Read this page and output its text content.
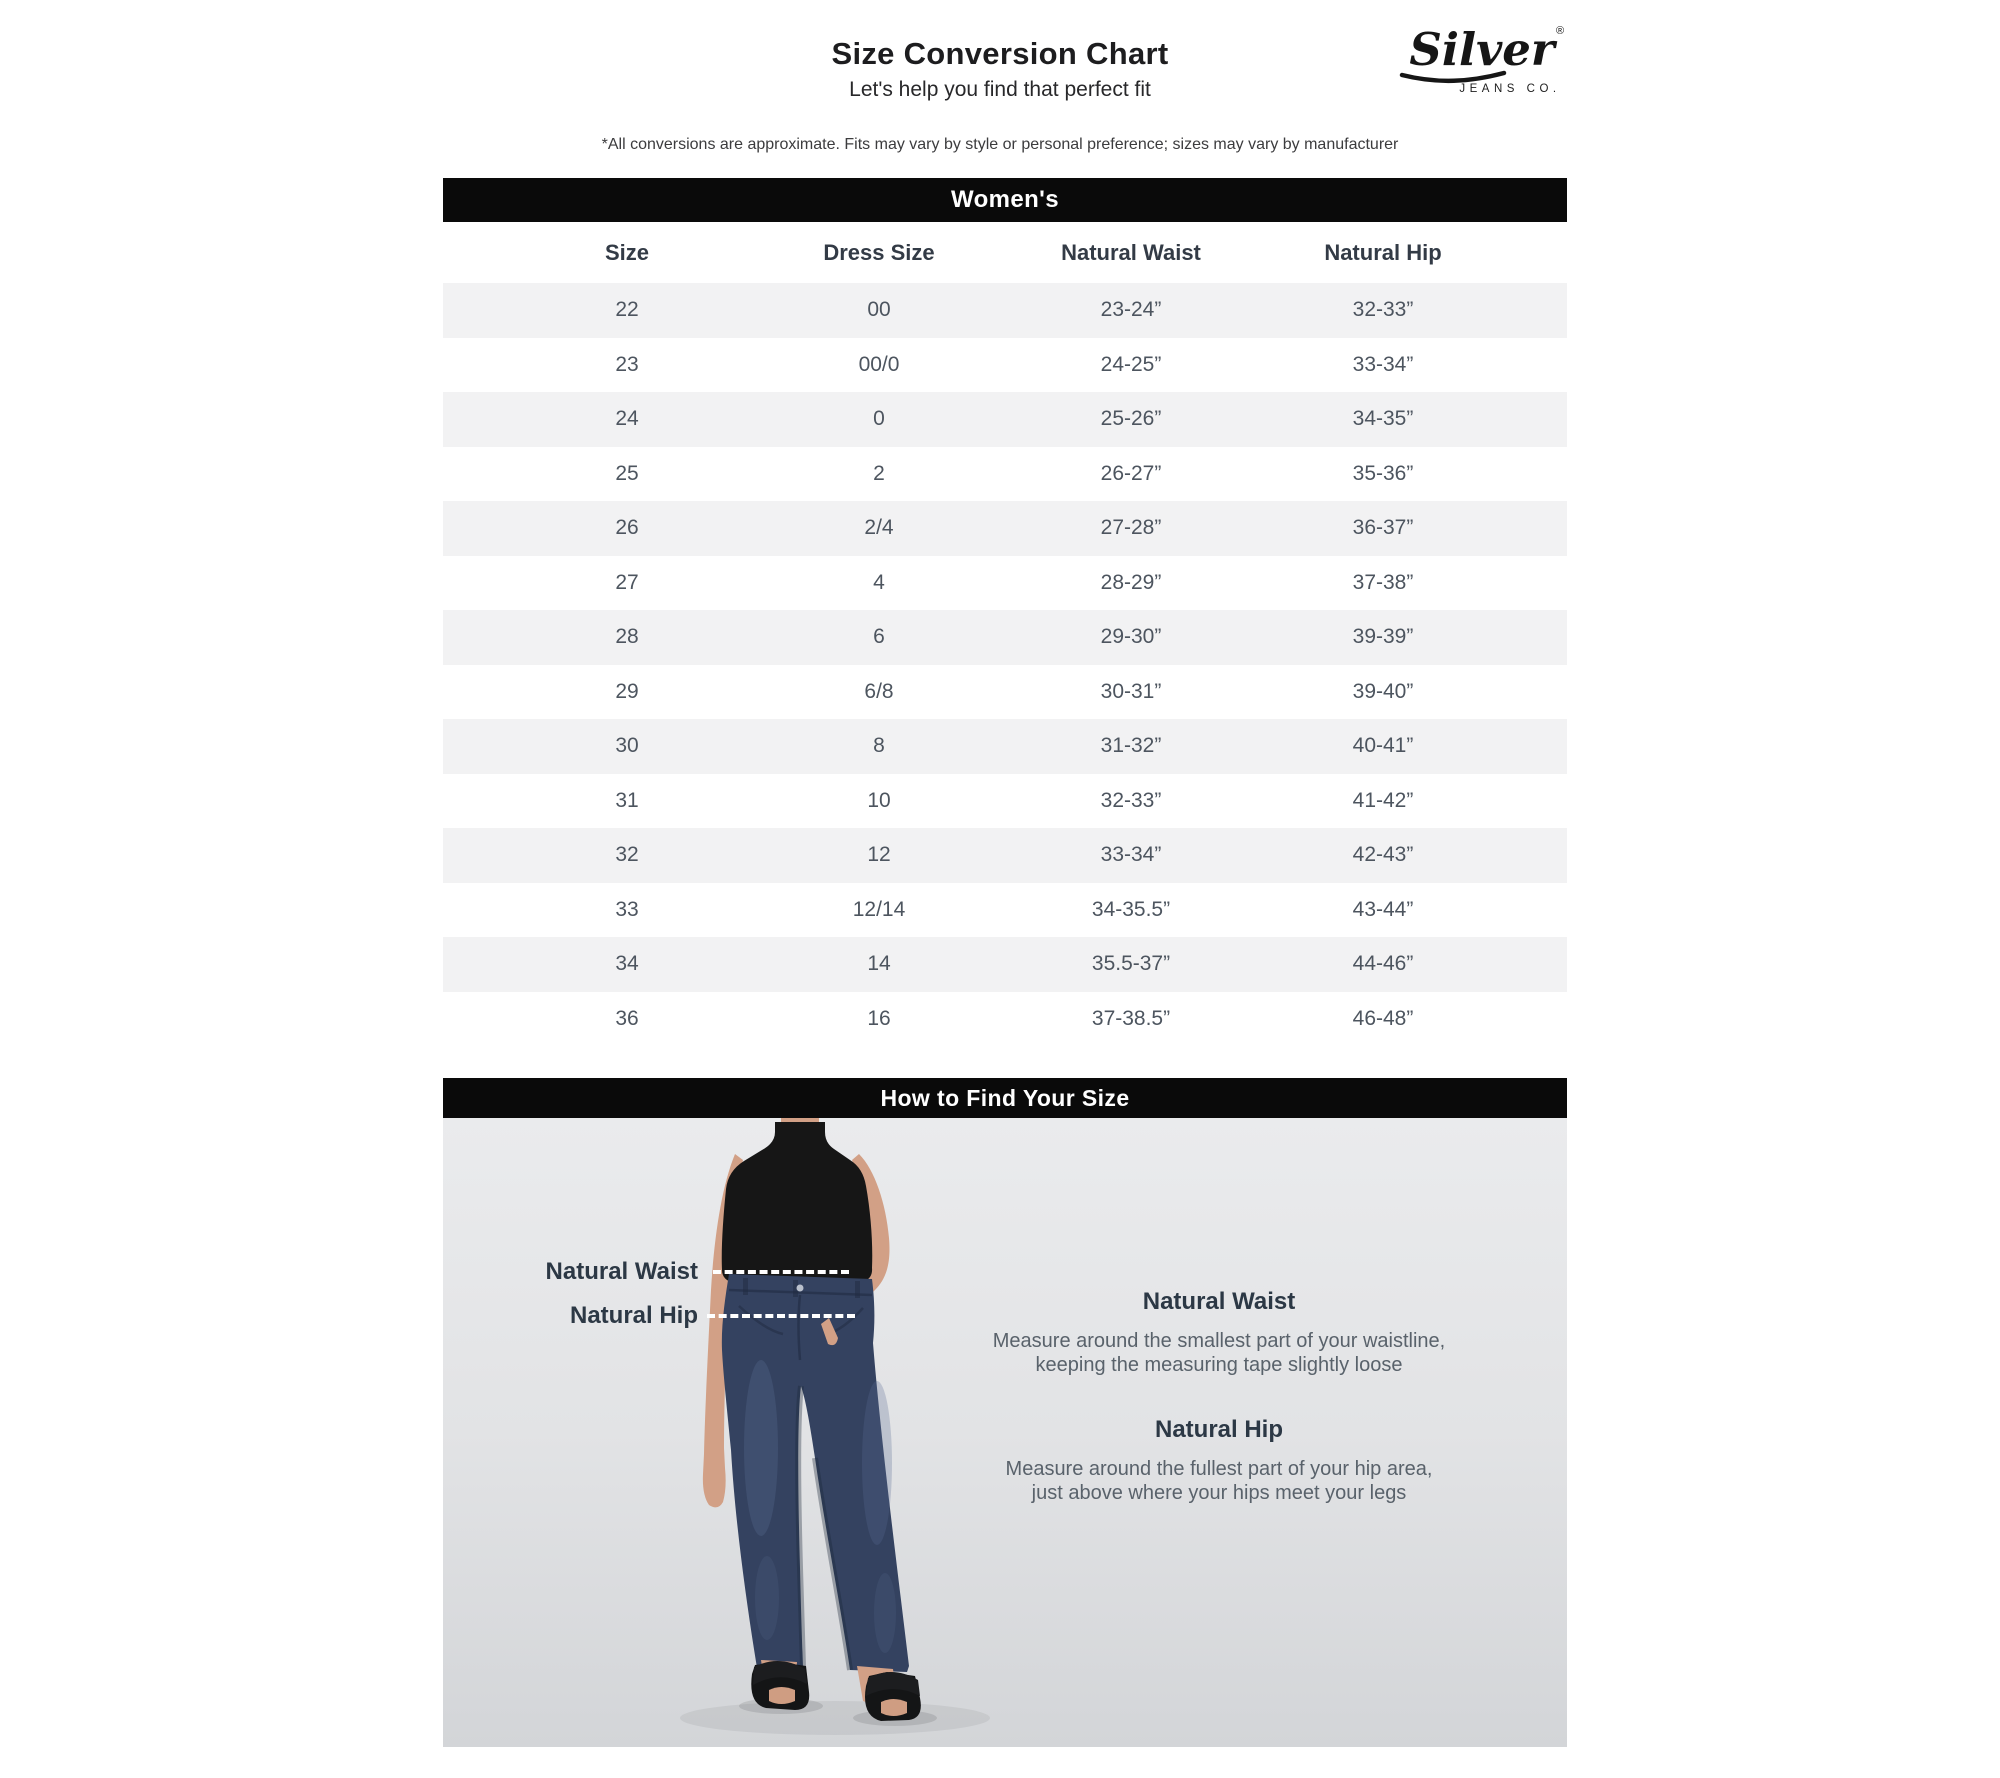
Size Conversion Chart

Let's help you find that perfect fit

*All conversions are approximate. Fits may vary by style or personal preference; sizes may vary by manufacturer

Silver ®
JEANS CO.
Women's
Size	Dress Size	Natural Waist	Natural Hip
22	00	23-24”	32-33”
23	00/0	24-25”	33-34”
24	0	25-26”	34-35”
25	2	26-27”	35-36”
26	2/4	27-28”	36-37”
27	4	28-29”	37-38”
28	6	29-30”	39-39”
29	6/8	30-31”	39-40”
30	8	31-32”	40-41”
31	10	32-33”	41-42”
32	12	33-34”	42-43”
33	12/14	34-35.5”	43-44”
34	14	35.5-37”	44-46”
36	16	37-38.5”	46-48”
How to Find Your Size
Natural Waist
Natural Hip
Natural Waist

Measure around the smallest part of your waistline,

keeping the measuring tape slightly loose

Natural Hip

Measure around the fullest part of your hip area,

just above where your hips meet your legs
